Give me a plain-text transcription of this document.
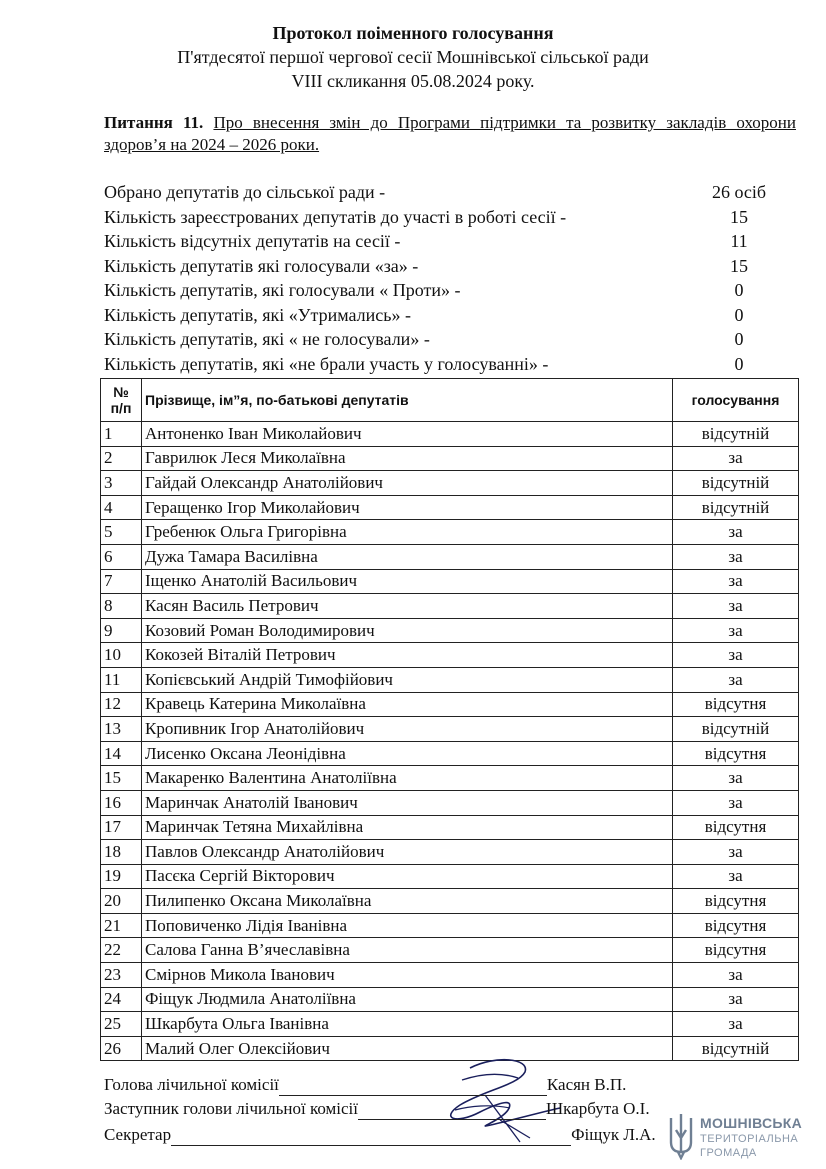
Протокол поіменного голосування
П'ятдесятої першої чергової сесії Мошнівської сільської ради
VIII скликання 05.08.2024 року.
Питання 11. Про внесення змін до Програми підтримки та розвитку закладів охорони здоров’я на 2024 – 2026 роки.
Обрано депутатів до сільської ради -	26 осіб
Кількість зареєстрованих депутатів до участі в роботі сесії -	15
Кількість відсутніх депутатів на сесії -	11
Кількість депутатів які голосували «за» -	15
Кількість депутатів, які голосували « Проти» -	0
Кількість депутатів, які «Утримались» -	0
Кількість депутатів, які « не голосували» -	0
Кількість депутатів, які «не брали участь у голосуванні» -	0
№
п/п	Прізвище, ім”я, по-батькові депутатів	голосування
1	Антоненко Іван Миколайович	відсутній
2	Гаврилюк Леся Миколаївна	за
3	Гайдай Олександр Анатолійович	відсутній
4	Геращенко Ігор Миколайович	відсутній
5	Гребенюк Ольга Григорівна	за
6	Дужа Тамара Василівна	за
7	Іщенко Анатолій Васильович	за
8	Касян Василь Петрович	за
9	Козовий Роман Володимирович	за
10	Кокозей Віталій Петрович	за
11	Копієвський Андрій Тимофійович	за
12	Кравець Катерина Миколаївна	відсутня
13	Кропивник Ігор Анатолійович	відсутній
14	Лисенко Оксана Леонідівна	відсутня
15	Макаренко Валентина Анатоліївна	за
16	Маринчак Анатолій Іванович	за
17	Маринчак Тетяна Михайлівна	відсутня
18	Павлов Олександр Анатолійович	за
19	Пасєка Сергій Вікторович	за
20	Пилипенко Оксана Миколаївна	відсутня
21	Поповиченко Лідія Іванівна	відсутня
22	Салова Ганна В’ячеславівна	відсутня
23	Смірнов Микола Іванович	за
24	Фіщук Людмила Анатоліївна	за
25	Шкарбута Ольга Іванівна	за
26	Малий Олег Олексійович	відсутній
Голова лічильної комісії	Касян В.П.
Заступник голови лічильної комісії	Шкарбута О.І.
Секретар	Фіщук Л.А.
МОШНІВСЬКА
ТЕРИТОРІАЛЬНА
ГРОМАДА
